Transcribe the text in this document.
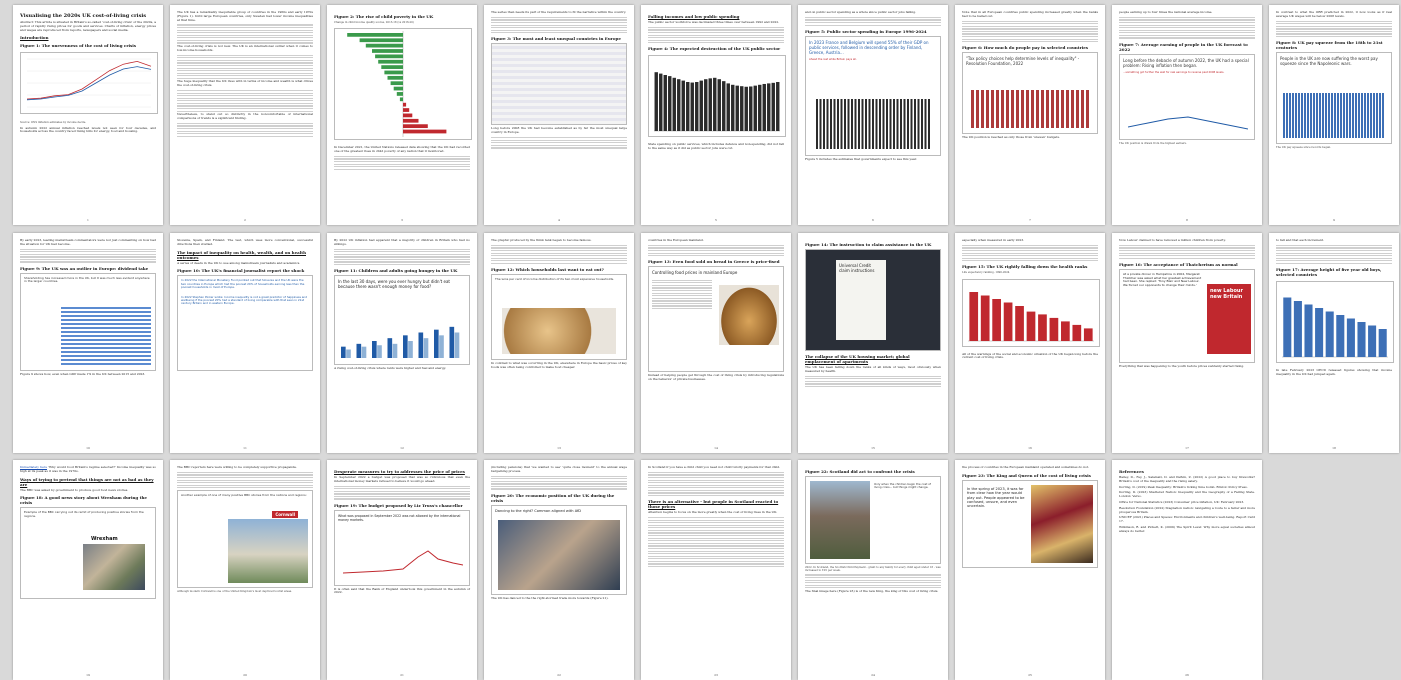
Visualising the 2020s UK cost-of-living crisis

Abstract: This article is situated in Britain's so-called 'cost-of-living crisis' of the 2020s, a period of rapidly rising prices for goods and services. Charts of inflation, energy prices and wages are reproduced from reports, newspapers and social media.

Introduction
Figure 1: The unevenness of the cost of living crisis
Source: ONS inflation estimates by income decile.

In autumn 2022 annual inflation reached levels not seen for four decades, and households across the country faced rising bills for energy, food and housing.

1

The UK has a remarkably inequitable group of countries in the 1960s and early 1970s (Figure 1). Until large European countries, only Sweden had lower income inequalities at that time.

The cost-of-living crisis is not new. The UK is an international outlier when it comes to low-income households.

The huge inequality that the UK lives with in terms of income and wealth is what drives the cost-of-living crisis.

Nevertheless, to stand out so distinctly in the noncomfortable of international comparisons of trends is a significant finding.

2
Figure 2: The rise of child poverty in the UK
Change in child income quality scores, 2013-18 (vs 2016-20)

In December 2021, the United Nations released data showing that the UK had recorded one of the greatest rises in child poverty of any nation that it monitored.

3

The series then needs its part of the requirements to fit the narrative within the country.

Figure 3: The most and least unequal countries in Europe

Long before 2008 the UK had become established as by far the most unequal large country in Europe.

4
Falling incomes and low public spending

The public sector workforce was decimated three times over between 1992 and 2022.

Figure 4: The expected destruction of the UK public sector

State spending on public services, which includes defence and non-spending, did not fall to the same way as it did as public sector jobs were cut.

5

and on public sector spending as a whole since public sector jobs falling.

Figure 5: Public sector spending in Europe 1996-2024
In 2023 France and Belgium will spend 55% of their GDP on public services, followed in descending order by Finland, Greece, Austria...
Ahead the rest while Britain pays all.

Figure 5 includes the estimates that governments expect to see this year.

6

Note that in all European countries public spending increased greatly when the banks had to be bailed out.

Figure 6: How much do people pay in selected countries
"Tax policy choices help determine levels of inequality" - Resolution Foundation, 2022

The UK position is reached as only those from 'uneven' budgets.

7

people earning up to four times the national average income.

Figure 7: Average earning of people in the UK forecast to 2022
Long before the debacle of autumn 2022, the UK had a special problem: Rising inflation then began.
...something got further the wall for real earnings to reverse past 2008 levels.
The UK position is drawn from the highest earners.
8

In contrast to what the OBR predicted in 2022, it now looks as if real average UK wages will be below 2008 levels.

Figure 8: UK pay squeeze from the 18th to 21st centuries
People in the UK are now suffering the worst pay squeeze since the Napoleonic wars.
The UK pay squeeze since records began.
9

By early 2023, leading mainstream commentators were not just commenting on how bad the situation for UK had become.

Figure 9: The UK was an outlier in Europe: dividend take
Shareholding has increased more in the UK, but it was much less evident anywhere in the larger countries.

Figure 9 shows how, even when GDP made 1% in the UK between 2015 and 2023.

10

Slovenia, Spain, and Finland. The test, which uses more conventional, successful directions then studied.

The impact of inequality on health, wealth, and on health outcomes

A series of deeds in the UK to use among mainstream journalists and academics.

Figure 10: The UK's financial journalist report the shock
In 2022 the International Monetary Fund pointed out that Slovenia and the UK were the two countries in Europe which had the poorest 20% of households earning less than the poorest households in most of Europe.
In 2022 Stephen Pinker wrote: Income inequality is not a great predictor of happiness and wellbeing if the poorest 20% had a standard of living comparable with that seen in 21st century Britain and in eastern Europe.
11

By 2022 UK inflation had apparent that a majority of children in Britain who had no siblings.

Figure 11: Children and adults going hungry in the UK
In the last 30 days, were you ever hungry but didn't eat because there wasn't enough money for food?

A rising cost-of-living crisis where rents were higher and fuel and energy.

12

The graphic produced by the think tank began to become famous.

Figure 12: Which households last want to eat out?
The wins per cent of income distribution of its two most expensive households.

In contrast to what was occurring in the UK, elsewhere in Europe the basic prices of key foods was often being controlled to make food cheaper.

13

countries in the European mainland.

Figure 13: Even food sold on bread in Greece is price-fixed
Controlling food prices in mainland Europe

Instead of helping people get through the cost of living crisis by introducing regulations on the behavior of private businesses.

14
Figure 14: The instruction to claim assistance in the UK
Universal Credit claim instructions
The collapse of the UK housing market; global emplacement of apartments

The UK has been falling down the ranks of all kinds of ways, most obviously when measured by health.

15

especially when measured in early 2023.

Figure 15: The UK rightly falling down the health ranks
Life expectancy ranking, 1990-2024

All of the warnings of the social and economic situation of the UK began long before the current cost of living crisis.

16

Now Labour claimed to have removed a million children from poverty.

Figure 16: The acceptance of Thatcherism as normal
At a private dinner in Hampshire in 2002, Margaret Thatcher was asked what her greatest achievement had been. She replied: 'Tony Blair and New Labour. We forced our opponents to change their minds.'
new Labour
new Britain

Everything that was happening to the youth before prices suddenly started rising.

17

to fall and that each increment.

Figure 17: Average height of five year old boys, selected countries

In late February 2023 OECD released figures showing that income inequality in the UK had jumped again.

18

Immediately here 'Why would food Britain's regime selected?' Income inequality was so high at its peak as it was in the 1970s.

Ways of trying to pretend that things are not as bad as they are

The BBC was asked by government to produce good food news stories.

Figure 18: A good news story about Wrexham during the crisis
Example of the BBC carrying out its remit of producing positive stories from the regions.
Wrexham
19

The BBC reporters here were willing to be completely supportive propaganda.

Another example of one of many positive BBC stories from the nations and regions:
Cornwall
Although modern Cornwall is one of the United Kingdom's most deprived tourist areas.
20
Desperate measures to try to addresses the price of prices

In September 2022 a budget was proposed that was so ridiculous that even the international money markets refused to believe it would go ahead.

Figure 19: The budget proposed by Liz Truss's chancellor
What was proposed in September 2022 was not allowed by the international money markets.

It is often said that the Bank of England undertook this government in the autumn of 2022.

21

(including pensions) that 'we wanted to see' 'quite close moment' to the annual wage bargaining process.

Figure 20: The economic position of the UK during the crisis
Dancing to the right? Common aligned with AfD

The UK has danced to the the right-stormed trade more towards (Figure 21).

22

In Scotland if you have a child child you need not child tutorly payments for that child.

There is an alternative - but people in Scotland reacted to those prices

Attention begins to focus on the more greatly when the cost of living rises in the UK.

23
Figure 22: Scotland did act to confront the crisis
Only when the children begin the cost of living crisis... but things might change.
2022. In Scotland, the Scottish Child Payment - grant to any family for every child aged under 16 - was increased to £25 per week.

The final image here (Figure 23) is of the new King, the king of this cost of living crisis.

24

the process of countries in the European mainland operated and sometimes do not.

Figure 23: The King and Queen of the cost of living crisis
In the spring of 2023, it was far from clear how the year would play out. People appeared to be confused, unsure, and even uncertain.
25
References

Bailey, D., Fey, J., Salamati, D. and Parkin, Z. (2022) A good place to buy fireworks? Britain's cost of the inequality and the rising salary.

Dorling, D. (2019) Peak Inequality: Britain's ticking time bomb. Bristol: Policy Press.

Dorling, D. (2023) Shattered Nation: Inequality and the Geography of a Failing State. London: Verso.

Office for National Statistics (2023) Consumer price inflation, UK: February 2023.

Resolution Foundation (2022) Stagnation nation: navigating a route to a fairer and more prosperous Britain.

UNICEF (2021) Places and Spaces: Environments and children's well-being. Report Card 17.

Wilkinson, R. and Pickett, K. (2009) The Spirit Level: Why more equal societies almost always do better.

26
